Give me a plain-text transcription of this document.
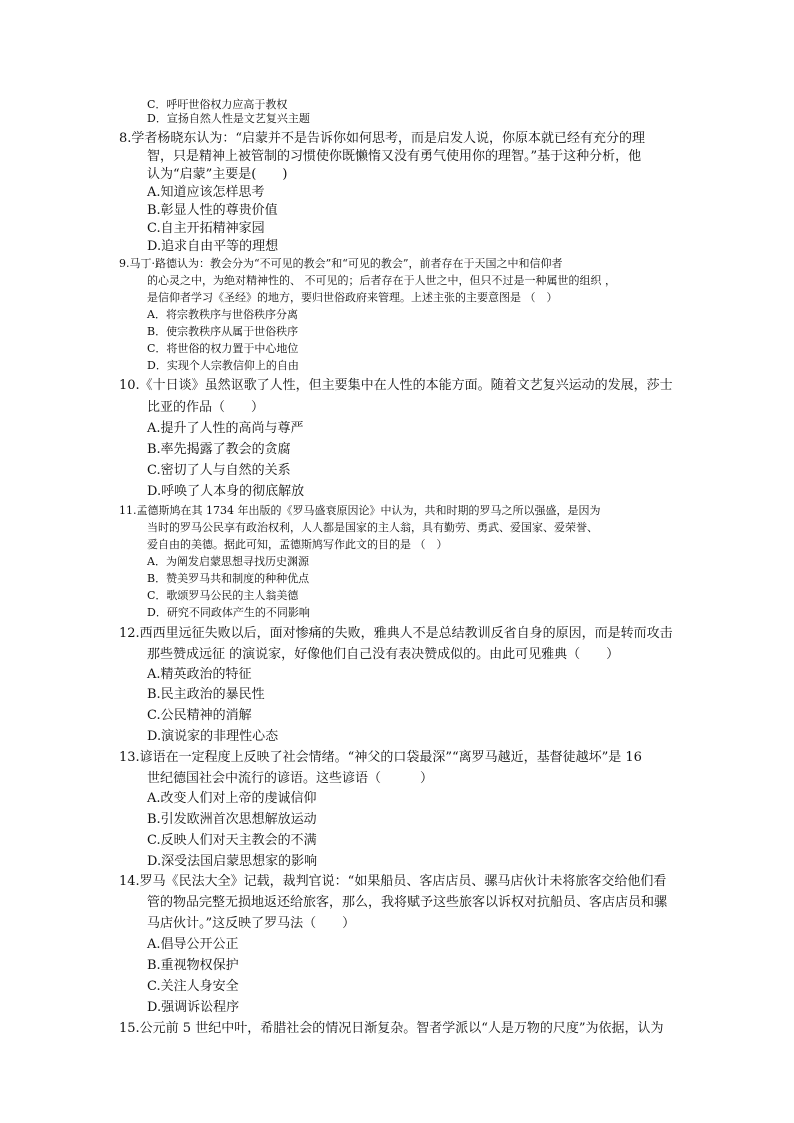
C．呼吁世俗权力应高于教权
D．宣扬自然人性是文艺复兴主题
8.学者杨晓东认为：“启蒙并不是告诉你如何思考，而是启发人说，你原本就已经有充分的理
智，只是精神上被管制的习惯使你既懒惰又没有勇气使用你的理智。”基于这种分析，他
认为“启蒙”主要是(　　)
A.知道应该怎样思考
B.彰显人性的尊贵价值
C.自主开拓精神家园
D.追求自由平等的理想
9.马丁·路德认为：教会分为“不可见的教会”和“可见的教会”，前者存在于天国之中和信仰者
的心灵之中，为绝对精神性的、 不可见的；后者存在于人世之中，但只不过是一种属世的组织 ，
是信仰者学习《圣经》的地方，要归世俗政府来管理。上述主张的主要意图是 （　）
A．将宗教秩序与世俗秩序分离
B．使宗教秩序从属于世俗秩序
C．将世俗的权力置于中心地位
D．实现个人宗教信仰上的自由
10.《十日谈》虽然讴歌了人性，但主要集中在人性的本能方面。随着文艺复兴运动的发展，莎士
比亚的作品（　　）
A.提升了人性的高尚与尊严
B.率先揭露了教会的贪腐
C.密切了人与自然的关系
D.呼唤了人本身的彻底解放
11.孟德斯鸠在其 1734 年出版的《罗马盛衰原因论》中认为，共和时期的罗马之所以强盛，是因为
当时的罗马公民享有政治权利，人人都是国家的主人翁，具有勤劳、勇武、爱国家、爱荣誉、
爱自由的美德。据此可知，孟德斯鸠写作此文的目的是 （　）
A．为阐发启蒙思想寻找历史渊源
B．赞美罗马共和制度的种种优点
C．歌颂罗马公民的主人翁美德
D．研究不同政体产生的不同影响
12.西西里远征失败以后，面对惨痛的失败，雅典人不是总结教训反省自身的原因，而是转而攻击
那些赞成远征 的演说家，好像他们自己没有表决赞成似的。由此可见雅典（　　）
A.精英政治的特征
B.民主政治的暴民性
C.公民精神的消解
D.演说家的非理性心态
13.谚语在一定程度上反映了社会情绪。“神父的口袋最深”“离罗马越近，基督徒越坏”是 16
世纪德国社会中流行的谚语。这些谚语（　　　）
A.改变人们对上帝的虔诚信仰
B.引发欧洲首次思想解放运动
C.反映人们对天主教会的不满
D.深受法国启蒙思想家的影响
14.罗马《民法大全》记载，裁判官说：“如果船员、客店店员、骡马店伙计未将旅客交给他们看
管的物品完整无损地返还给旅客，那么，我将赋予这些旅客以诉权对抗船员、客店店员和骡
马店伙计。”这反映了罗马法（　　）
A.倡导公开公正
B.重视物权保护
C.关注人身安全
D.强调诉讼程序
15.公元前 5 世纪中叶，希腊社会的情况日渐复杂。智者学派以“人是万物的尺度”为依据，认为
